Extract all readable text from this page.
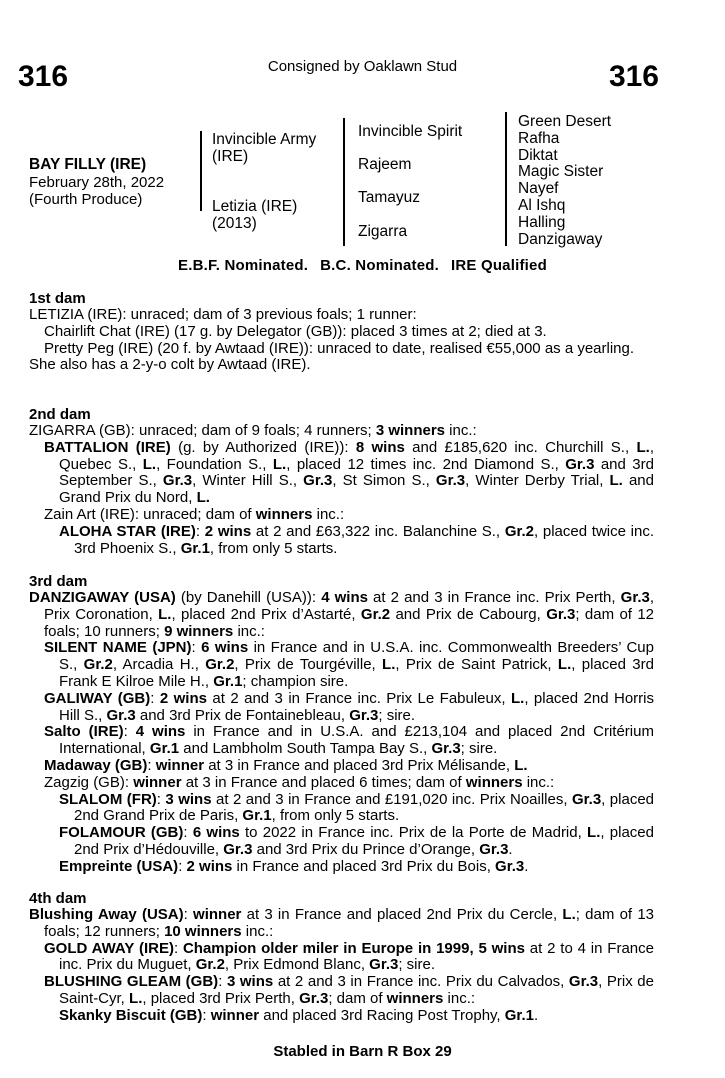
316	316
Consigned by Oaklawn Stud
BAY FILLY (IRE)
February 28th, 2022
(Fourth Produce)
Invincible Army
(IRE)
Letizia (IRE)
(2013)
Invincible Spirit
Rajeem
Tamayuz
Zigarra
Green Desert
Rafha
Diktat
Magic Sister
Nayef
Al Ishq
Halling
Danzigaway
E.B.F. Nominated. B.C. Nominated. IRE Qualified
1st dam
LETIZIA (IRE): unraced; dam of 3 previous foals; 1 runner:
Chairlift Chat (IRE) (17 g. by Delegator (GB)): placed 3 times at 2; died at 3.
Pretty Peg (IRE) (20 f. by Awtaad (IRE)): unraced to date, realised €55,000 as a yearling.
She also has a 2-y-o colt by Awtaad (IRE).
2nd dam
ZIGARRA (GB): unraced; dam of 9 foals; 4 runners; 3 winners inc.:
BATTALION (IRE) (g. by Authorized (IRE)): 8 wins and £185,620 inc. Churchill S., L., Quebec S., L., Foundation S., L., placed 12 times inc. 2nd Diamond S., Gr.3 and 3rd September S., Gr.3, Winter Hill S., Gr.3, St Simon S., Gr.3, Winter Derby Trial, L. and Grand Prix du Nord, L.
Zain Art (IRE): unraced; dam of winners inc.:
ALOHA STAR (IRE): 2 wins at 2 and £63,322 inc. Balanchine S., Gr.2, placed twice inc. 3rd Phoenix S., Gr.1, from only 5 starts.
3rd dam
DANZIGAWAY (USA) (by Danehill (USA)): 4 wins at 2 and 3 in France inc. Prix Perth, Gr.3, Prix Coronation, L., placed 2nd Prix d’Astarté, Gr.2 and Prix de Cabourg, Gr.3; dam of 12 foals; 10 runners; 9 winners inc.:
SILENT NAME (JPN): 6 wins in France and in U.S.A. inc. Commonwealth Breeders’ Cup S., Gr.2, Arcadia H., Gr.2, Prix de Tourgéville, L., Prix de Saint Patrick, L., placed 3rd Frank E Kilroe Mile H., Gr.1; champion sire.
GALIWAY (GB): 2 wins at 2 and 3 in France inc. Prix Le Fabuleux, L., placed 2nd Horris Hill S., Gr.3 and 3rd Prix de Fontainebleau, Gr.3; sire.
Salto (IRE): 4 wins in France and in U.S.A. and £213,104 and placed 2nd Critérium International, Gr.1 and Lambholm South Tampa Bay S., Gr.3; sire.
Madaway (GB): winner at 3 in France and placed 3rd Prix Mélisande, L.
Zagzig (GB): winner at 3 in France and placed 6 times; dam of winners inc.:
SLALOM (FR): 3 wins at 2 and 3 in France and £191,020 inc. Prix Noailles, Gr.3, placed 2nd Grand Prix de Paris, Gr.1, from only 5 starts.
FOLAMOUR (GB): 6 wins to 2022 in France inc. Prix de la Porte de Madrid, L., placed 2nd Prix d’Hédouville, Gr.3 and 3rd Prix du Prince d’Orange, Gr.3.
Empreinte (USA): 2 wins in France and placed 3rd Prix du Bois, Gr.3.
4th dam
Blushing Away (USA): winner at 3 in France and placed 2nd Prix du Cercle, L.; dam of 13 foals; 12 runners; 10 winners inc.:
GOLD AWAY (IRE): Champion older miler in Europe in 1999, 5 wins at 2 to 4 in France inc. Prix du Muguet, Gr.2, Prix Edmond Blanc, Gr.3; sire.
BLUSHING GLEAM (GB): 3 wins at 2 and 3 in France inc. Prix du Calvados, Gr.3, Prix de Saint-Cyr, L., placed 3rd Prix Perth, Gr.3; dam of winners inc.:
Skanky Biscuit (GB): winner and placed 3rd Racing Post Trophy, Gr.1.
Stabled in Barn R Box 29
